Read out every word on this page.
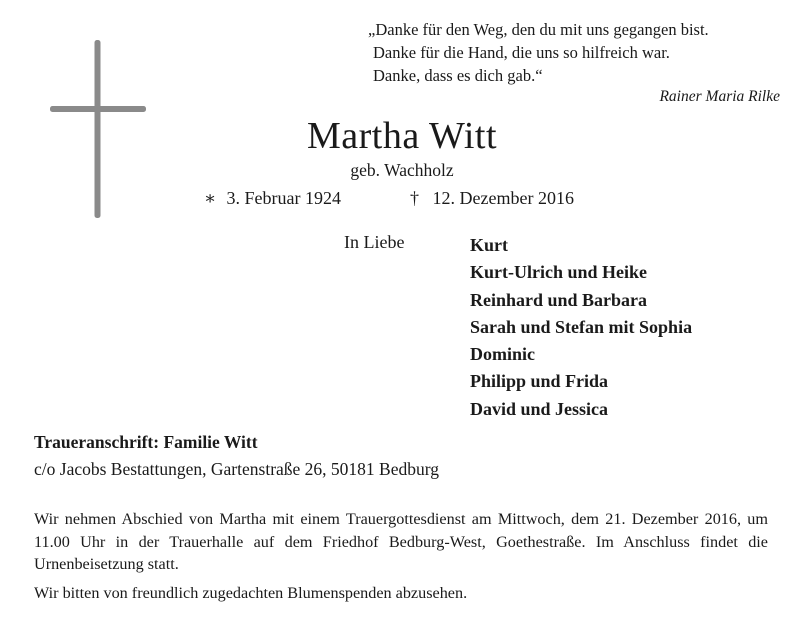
„Danke für den Weg, den du mit uns gegangen bist.
Danke für die Hand, die uns so hilfreich war.
Danke, dass es dich gab.“
Rainer Maria Rilke
Martha Witt
geb. Wachholz
∗ 3. Februar 1924	† 12. Dezember 2016
In Liebe	Kurt
Kurt-Ulrich und Heike
Reinhard und Barbara
Sarah und Stefan mit Sophia
Dominic
Philipp und Frida
David und Jessica
Traueranschrift: Familie Witt
c/o Jacobs Bestattungen, Gartenstraße 26, 50181 Bedburg

Wir nehmen Abschied von Martha mit einem Trauergottesdienst am Mittwoch, dem 21. Dezember 2016, um 11.00 Uhr in der Trauerhalle auf dem Friedhof Bedburg-West, Goethestraße. Im Anschluss findet die Urnenbeisetzung statt.

Wir bitten von freundlich zugedachten Blumenspenden abzusehen.
